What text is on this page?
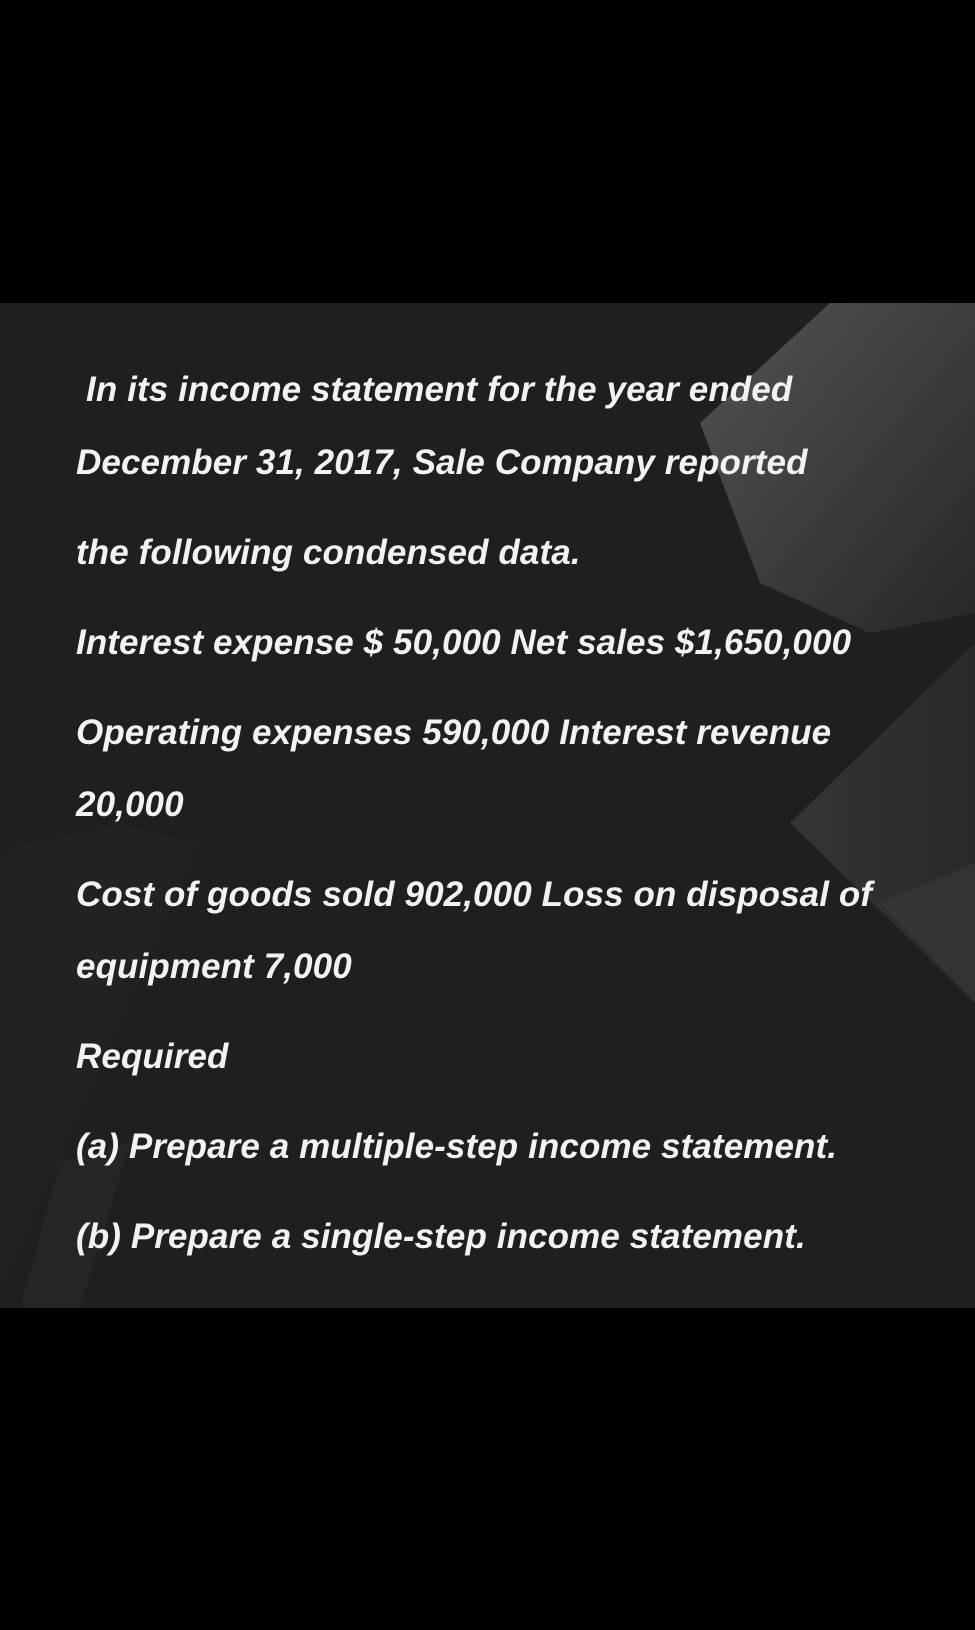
In its income statement for the year ended
December 31, 2017, Sale Company reported
the following condensed data.
Interest expense $ 50,000 Net sales $1,650,000
Operating expenses 590,000 Interest revenue
20,000
Cost of goods sold 902,000 Loss on disposal of
equipment 7,000
Required
(a) Prepare a multiple-step income statement.
(b) Prepare a single-step income statement.
